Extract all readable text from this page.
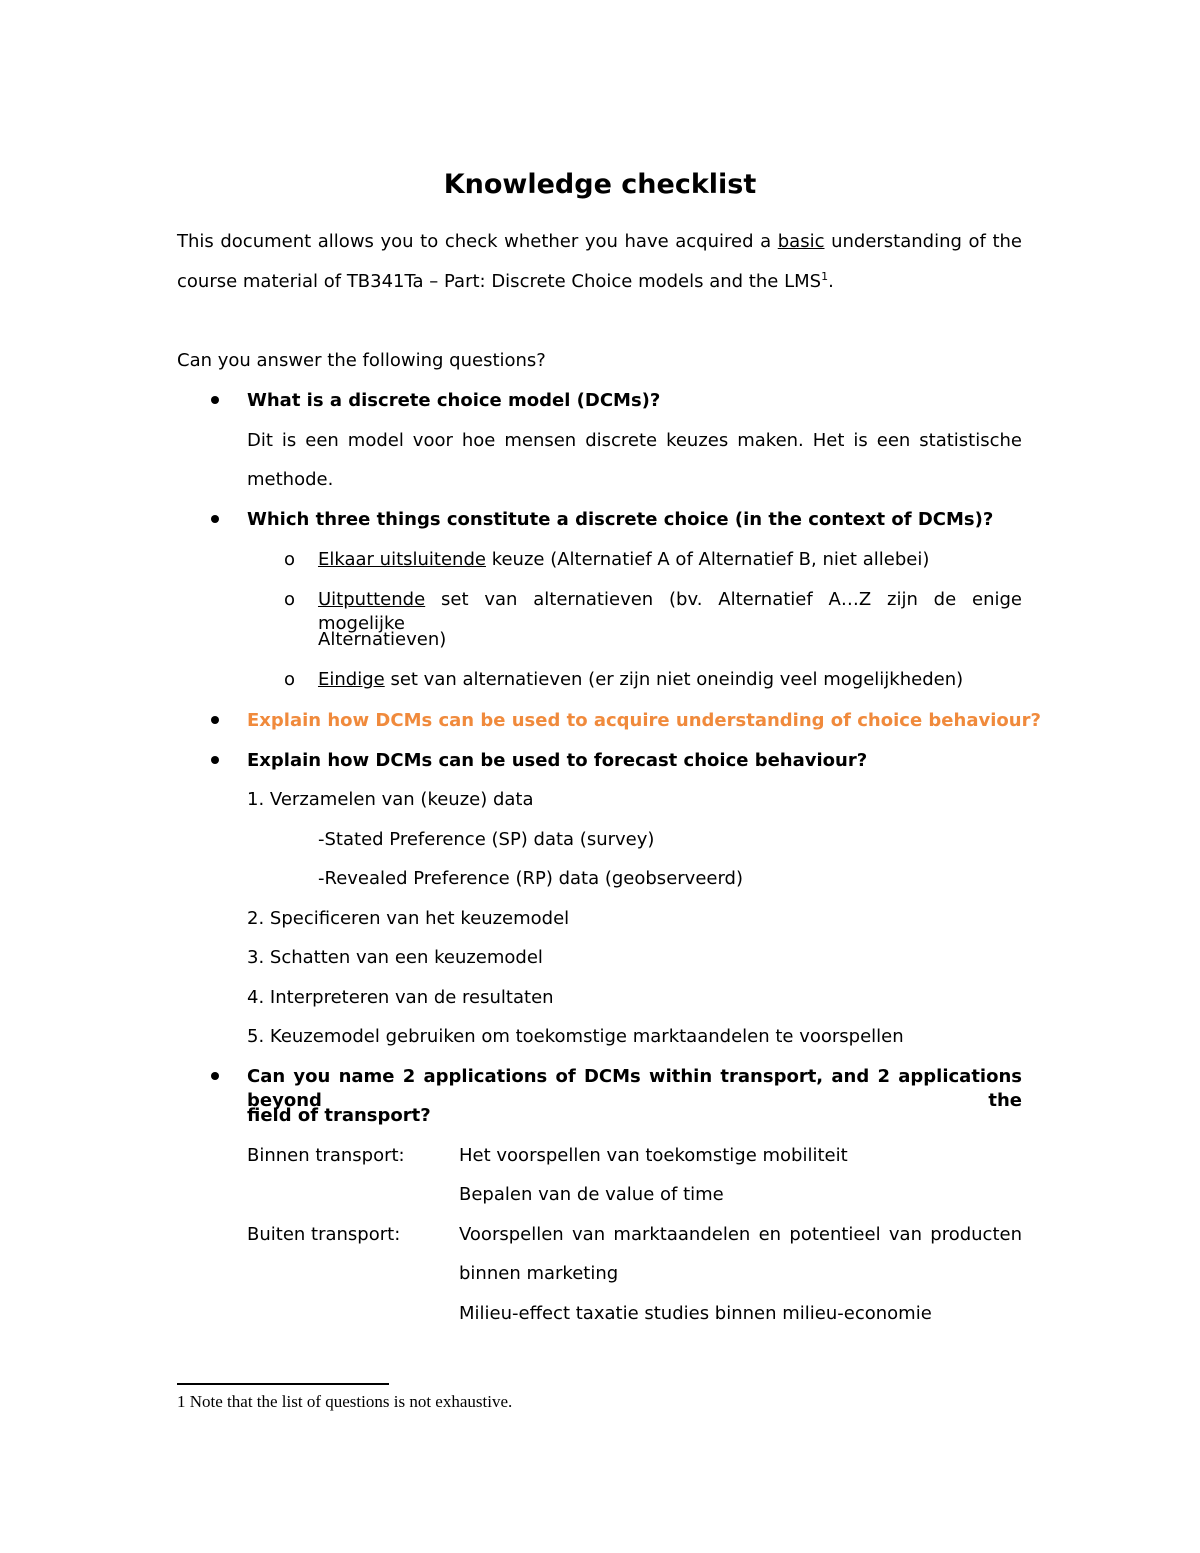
Knowledge checklist
This document allows you to check whether you have acquired a basic understanding of the
course material of TB341Ta – Part: Discrete Choice models and the LMS$^1$.
Can you answer the following questions?
What is a discrete choice model (DCMs)?
Dit is een model voor hoe mensen discrete keuzes maken. Het is een statistische
methode.
Which three things constitute a discrete choice (in the context of DCMs)?
o Elkaar uitsluitende keuze (Alternatief A of Alternatief B, niet allebei)
o Uitputtende set van alternatieven (bv. Alternatief A…Z zijn de enige mogelijke
Alternatieven)
o Eindige set van alternatieven (er zijn niet oneindig veel mogelijkheden)
Explain how DCMs can be used to acquire understanding of choice behaviour?
Explain how DCMs can be used to forecast choice behaviour?
1. Verzamelen van (keuze) data
-Stated Preference (SP) data (survey)
-Revealed Preference (RP) data (geobserveerd)
2. Specificeren van het keuzemodel
3. Schatten van een keuzemodel
4. Interpreteren van de resultaten
5. Keuzemodel gebruiken om toekomstige marktaandelen te voorspellen
Can you name 2 applications of DCMs within transport, and 2 applications beyond the
field of transport?
Binnen transport:	Het voorspellen van toekomstige mobiliteit
Bepalen van de value of time
Buiten transport:	Voorspellen van marktaandelen en potentieel van producten
binnen marketing
Milieu-effect taxatie studies binnen milieu-economie
1 Note that the list of questions is not exhaustive.
